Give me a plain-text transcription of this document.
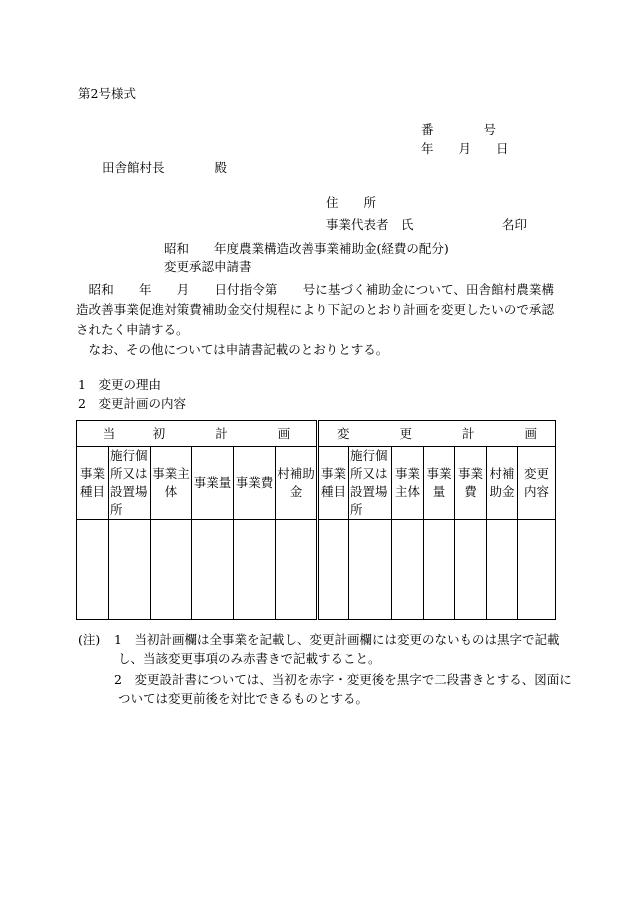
第2号様式
番　　　　号
年　　月　　日
田舎館村長　　　　殿
住　　所
事業代表者　氏	名印
昭和　　年度農業構造改善事業補助金(経費の配分)
変更承認申請書
　昭和　　年　　月　　日付指令第　　号に基づく補助金について、田舎館村農業構造改善事業促進対策費補助金交付規程により下記のとおり計画を変更したいので承認されたく申請する。
　なお、その他については申請書記載のとおりとする。
1　変更の理由
2　変更計画の内容
当　　　初　　　　計　　　　画						変　　　　更　　　　計　　　　画						
事業種目	施行個所又は設置場所	事業主体	事業量	事業費	村補助金	事業種目	施行個所又は設置場所	事業主体	事業量	事業費	村補助金	変更内容

(注) 1　当初計画欄は全事業を記載し、変更計画欄には変更のないものは黒字で記載
し、当該変更事項のみ赤書きで記載すること。
2　変更設計書については、当初を赤字・変更後を黒字で二段書きとする、図面に
ついては変更前後を対比できるものとする。
